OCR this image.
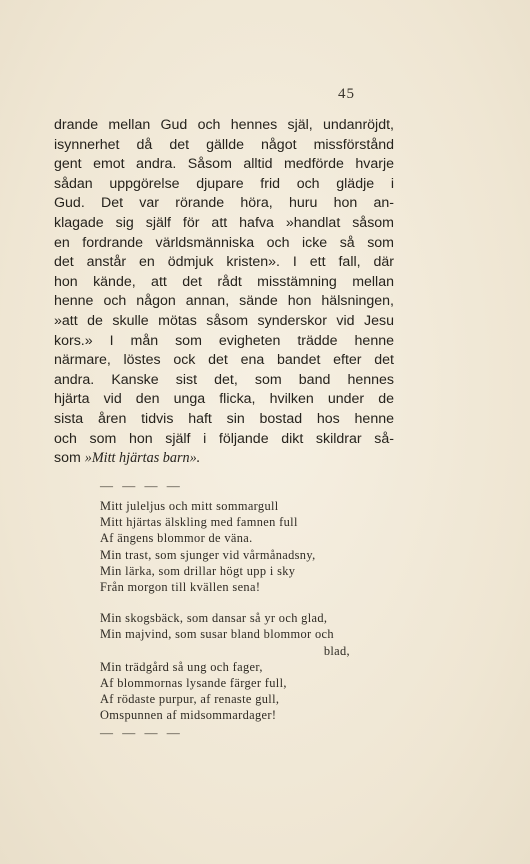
45
drande mellan Gud och hennes själ, undanröjdt,
isynnerhet då det gällde något missförstånd
gent emot andra. Såsom alltid medförde hvarje
sådan uppgörelse djupare frid och glädje i
Gud. Det var rörande höra, huru hon an-
klagade sig själf för att hafva »handlat såsom
en fordrande världsmänniska och icke så som
det anstår en ödmjuk kristen». I ett fall, där
hon kände, att det rådt misstämning mellan
henne och någon annan, sände hon hälsningen,
»att de skulle mötas såsom synderskor vid Jesu
kors.» I mån som evigheten trädde henne
närmare, löstes ock det ena bandet efter det
andra. Kanske sist det, som band hennes
hjärta vid den unga flickа, hvilken under de
sista åren tidvis haft sin bostad hos henne
och som hon själf i följande dikt skildrar så-
som »Mitt hjärtas barn».
— — — —
Mitt juleljus och mitt sommargull
Mitt hjärtas älskling med famnen full
Af ängens blommor de väna.
Min trast, som sjunger vid vårmånadsny,
Min lärka, som drillar högt upp i sky
Från morgon till kvällen sena!
Min skogsbäck, som dansar så yr och glad,
Min majvind, som susar bland blommor och
blad,
Min trädgård så ung och fager,
Af blommornas lysande färger full,
Af rödaste purpur, af renaste gull,
Omspunnen af midsommardager!
— — — —
